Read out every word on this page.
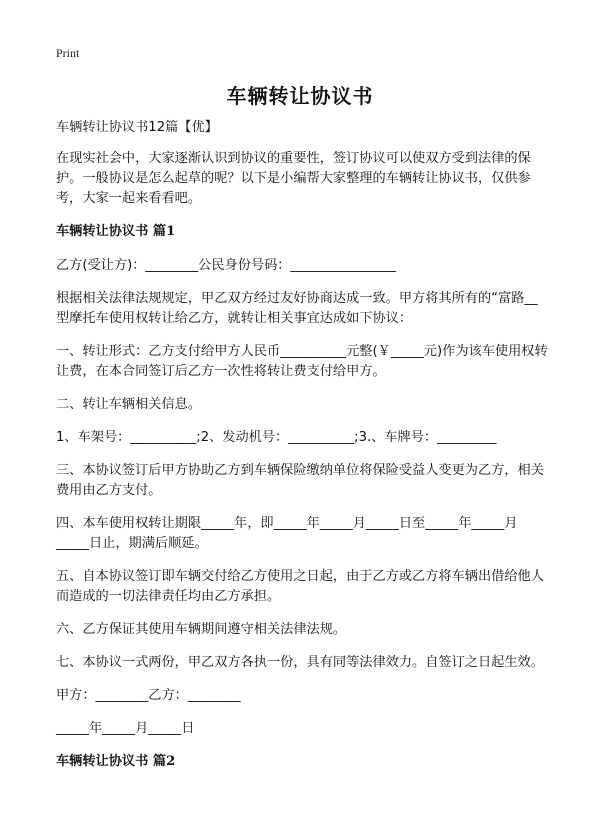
Print
车辆转让协议书

车辆转让协议书12篇【优】

在现实社会中，大家逐渐认识到协议的重要性，签订协议可以使双方受到法律的保护。一般协议是怎么起草的呢？以下是小编帮大家整理的车辆转让协议书，仅供参考，大家一起来看看吧。

车辆转让协议书 篇1

乙方(受让方)：________公民身份号码：________________

根据相关法律法规规定，甲乙双方经过友好协商达成一致。甲方将其所有的“富路__型摩托车使用权转让给乙方，就转让相关事宜达成如下协议：

一、转让形式：乙方支付给甲方人民币__________元整(￥_____元)作为该车使用权转让费，在本合同签订后乙方一次性将转让费支付给甲方。

二、转让车辆相关信息。

1、车架号：__________;2、发动机号：__________;3.、车牌号：_________

三、本协议签订后甲方协助乙方到车辆保险缴纳单位将保险受益人变更为乙方，相关费用由乙方支付。

四、本车使用权转让期限_____年，即_____年_____月_____日至_____年_____月_____日止，期满后顺延。

五、自本协议签订即车辆交付给乙方使用之日起，由于乙方或乙方将车辆出借给他人而造成的一切法律责任均由乙方承担。

六、乙方保证其使用车辆期间遵守相关法律法规。

七、本协议一式两份，甲乙双方各执一份，具有同等法律效力。自签订之日起生效。

甲方：________乙方：________

_____年_____月_____日

车辆转让协议书 篇2
